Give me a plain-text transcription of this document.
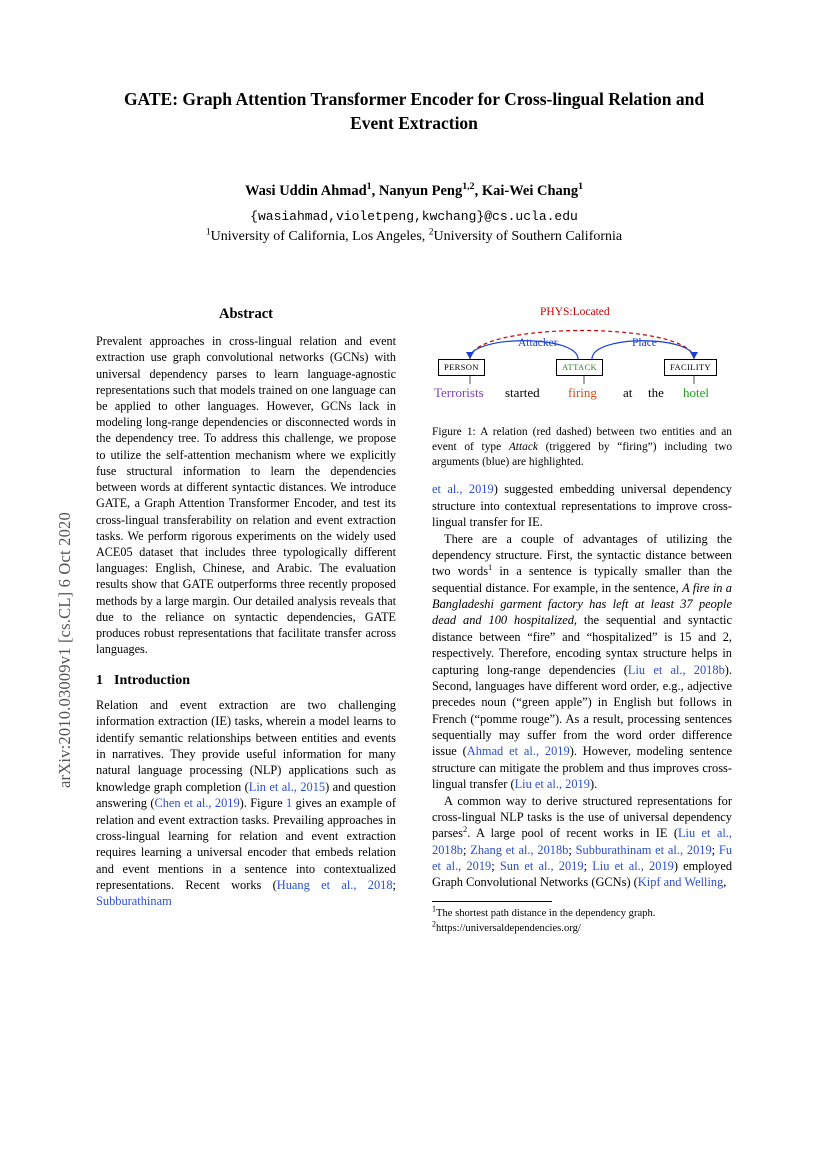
arXiv:2010.03009v1 [cs.CL] 6 Oct 2020
GATE: Graph Attention Transformer Encoder for Cross-lingual Relation and Event Extraction
Wasi Uddin Ahmad$^1$, Nanyun Peng$^{1,2}$, Kai-Wei Chang$^1$
{wasiahmad,violetpeng,kwchang}@cs.ucla.edu
$^1$University of California, Los Angeles, $^2$University of Southern California
Abstract
Prevalent approaches in cross-lingual relation and event extraction use graph convolutional networks (GCNs) with universal dependency parses to learn language-agnostic representations such that models trained on one language can be applied to other languages. However, GCNs lack in modeling long-range dependencies or disconnected words in the dependency tree. To address this challenge, we propose to utilize the self-attention mechanism where we explicitly fuse structural information to learn the dependencies between words at different syntactic distances. We introduce GATE, a Graph Attention Transformer Encoder, and test its cross-lingual transferability on relation and event extraction tasks. We perform rigorous experiments on the widely used ACE05 dataset that includes three typologically different languages: English, Chinese, and Arabic. The evaluation results show that GATE outperforms three recently proposed methods by a large margin. Our detailed analysis reveals that due to the reliance on syntactic dependencies, GATE produces robust representations that facilitate transfer across languages.
1 Introduction

Relation and event extraction are two challenging information extraction (IE) tasks, wherein a model learns to identify semantic relationships between entities and events in narratives. They provide useful information for many natural language processing (NLP) applications such as knowledge graph completion (Lin et al., 2015) and question answering (Chen et al., 2019). Figure 1 gives an example of relation and event extraction tasks. Prevailing approaches in cross-lingual learning for relation and event extraction requires learning a universal encoder that embeds relation and event mentions in a sentence into contextualized representations. Recent works (Huang et al., 2018; Subburathinam

PHYS:Located
Attacker	Place
PERSON	ATTACK	FACILITY
Terrorists started firing at the hotel
Figure 1: A relation (red dashed) between two entities and an event of type Attack (triggered by “firing”) including two arguments (blue) are highlighted.

et al., 2019) suggested embedding universal dependency structure into contextual representations to improve cross-lingual transfer for IE.

There are a couple of advantages of utilizing the dependency structure. First, the syntactic distance between two words$^1$ in a sentence is typically smaller than the sequential distance. For example, in the sentence, A fire in a Bangladeshi garment factory has left at least 37 people dead and 100 hospitalized, the sequential and syntactic distance between “fire” and “hospitalized” is 15 and 2, respectively. Therefore, encoding syntax structure helps in capturing long-range dependencies (Liu et al., 2018b). Second, languages have different word order, e.g., adjective precedes noun (“green apple”) in English but follows in French (“pomme rouge”). As a result, processing sentences sequentially may suffer from the word order difference issue (Ahmad et al., 2019). However, modeling sentence structure can mitigate the problem and thus improves cross-lingual transfer (Liu et al., 2019).

A common way to derive structured representations for cross-lingual NLP tasks is the use of universal dependency parses$^2$. A large pool of recent works in IE (Liu et al., 2018b; Zhang et al., 2018b; Subburathinam et al., 2019; Fu et al., 2019; Sun et al., 2019; Liu et al., 2019) employed Graph Convolutional Networks (GCNs) (Kipf and Welling,

$^1$The shortest path distance in the dependency graph.
$^2$https://universaldependencies.org/
